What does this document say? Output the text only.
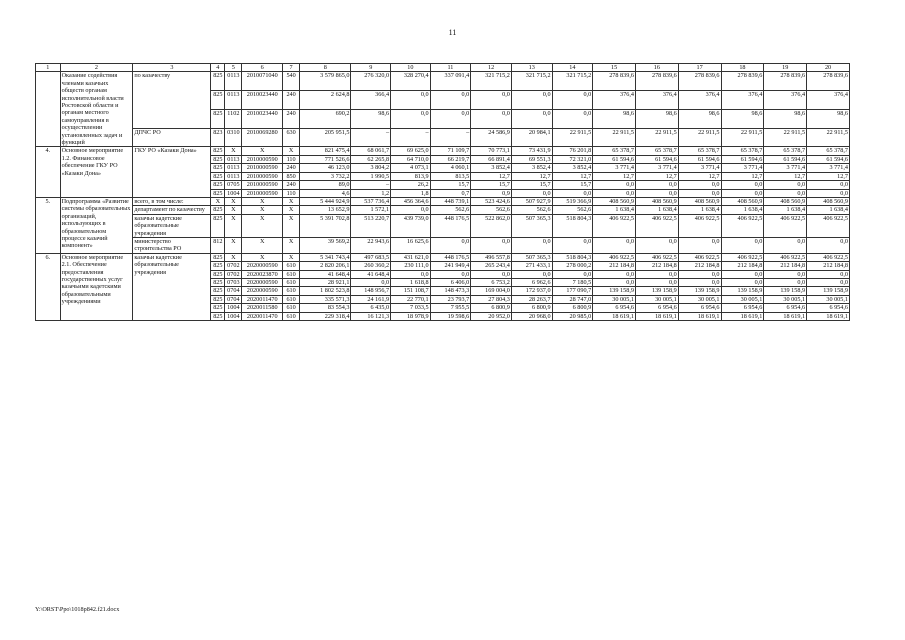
11
1	2	3	4	5	6	7	8	9	10	11	12	13	14	15	16	17	18	19	20
	Оказание содействия членами казачьих обществ органам исполнительной власти Ростовской области и органам местного самоуправления в осуществлении установленных задач и функций	по казачеству	825	0113	2010071040	540	3 579 865,0	276 320,0	328 270,4	337 091,4	321 715,2	321 715,2	321 715,2	278 839,6	278 839,6	278 839,6	278 839,6	278 839,6	278 839,6
			825	0113	2010023440	240	2 624,8	366,4	0,0	0,0	0,0	0,0	0,0	376,4	376,4	376,4	376,4	376,4	376,4
			825	1102	2010023440	240	690,2	98,6	0,0	0,0	0,0	0,0	0,0	98,6	98,6	98,6	98,6	98,6	98,6
		ДПЧС РО	823	0310	2010069280	630	205 951,5	–	–	–	24 586,9	20 984,1	22 911,5	22 911,5	22 911,5	22 911,5	22 911,5	22 911,5	22 911,5
4.	Основное мероприятие 1.2. Финансовое обеспечение ГКУ РО «Казаки Дона»	ГКУ РО «Казаки Дона»	825	X	X	X	821 475,4	68 061,7	69 625,0	71 109,7	70 773,1	73 431,9	76 201,8	65 378,7	65 378,7	65 378,7	65 378,7	65 378,7	65 378,7
			825	0113	2010000590	110	771 526,6	62 265,8	64 710,0	66 219,7	66 891,4	69 551,3	72 321,0	61 594,6	61 594,6	61 594,6	61 594,6	61 594,6	61 594,6
			825	0113	2010000590	240	46 123,0	3 804,2	4 073,1	4 060,1	3 852,4	3 852,4	3 852,4	3 771,4	3 771,4	3 771,4	3 771,4	3 771,4	3 771,4
			825	0113	2010000590	850	3 732,2	1 990,5	813,9	813,5	12,7	12,7	12,7	12,7	12,7	12,7	12,7	12,7	12,7
			825	0705	2010000590	240	89,0	–	26,2	15,7	15,7	15,7	15,7	0,0	0,0	0,0	0,0	0,0	0,0
			825	1004	2010000590	110	4,6	1,2	1,8	0,7	0,9	0,0	0,0	0,0	0,0	0,0	0,0	0,0	0,0
5.	Подпрограмма «Развитие системы образовательных организаций, использующих в образовательном процессе казачий компонент»	всего, в том числе:	X	X	X	X	5 444 924,9	537 736,4	456 364,6	448 739,1	523 424,6	507 927,9	519 366,9	408 560,9	408 560,9	408 560,9	408 560,9	408 560,9	408 560,9
		департамент по казачеству	825	X	X	X	13 652,9	1 572,1	0,0	562,6	562,6	562,6	562,6	1 638,4	1 638,4	1 638,4	1 638,4	1 638,4	1 638,4
		казачьи кадетские образовательные учреждения	825	X	X	X	5 391 702,8	513 220,7	439 739,0	448 176,5	522 862,0	507 365,3	518 804,3	406 922,5	406 922,5	406 922,5	406 922,5	406 922,5	406 922,5
		министерство строительства РО	812	X	X	X	39 569,2	22 943,6	16 625,6	0,0	0,0	0,0	0,0	0,0	0,0	0,0	0,0	0,0	0,0
6.	Основное мероприятие 2.1. Обеспечение предоставления государственных услуг казачьими кадетскими образовательными учреждениями	казачьи кадетские образовательные учреждения	825	X	X	X	5 341 743,4	497 683,5	431 621,0	448 176,5	496 557,8	507 365,3	518 804,3	406 922,5	406 922,5	406 922,5	406 922,5	406 922,5	406 922,5
			825	0702	2020000590	610	2 820 206,1	260 360,2	230 111,0	241 949,4	265 243,4	271 433,1	278 000,2	212 184,8	212 184,8	212 184,8	212 184,8	212 184,8	212 184,8
			825	0702	2020023870	610	41 648,4	41 648,4	0,0	0,0	0,0	0,0	0,0	0,0	0,0	0,0	0,0	0,0	0,0
			825	0703	2020000590	610	28 921,1	0,0	1 618,8	6 406,0	6 753,2	6 962,6	7 180,5	0,0	0,0	0,0	0,0	0,0	0,0
			825	0704	2020000590	610	1 802 523,8	148 956,7	151 108,7	148 473,3	169 004,0	172 937,0	177 090,7	139 158,9	139 158,9	139 158,9	139 158,9	139 158,9	139 158,9
			825	0704	2020011470	610	335 571,3	24 161,9	22 770,1	23 793,7	27 804,3	28 263,7	28 747,0	30 005,1	30 005,1	30 005,1	30 005,1	30 005,1	30 005,1
			825	1004	2020011580	610	83 554,3	6 435,0	7 033,5	7 955,5	6 800,9	6 800,9	6 800,9	6 954,6	6 954,6	6 954,6	6 954,6	6 954,6	6 954,6
			825	1004	2020011470	610	229 318,4	16 121,3	18 978,9	19 598,6	20 952,0	20 968,0	20 985,0	18 619,1	18 619,1	18 619,1	18 619,1	18 619,1	18 619,1
Y:\ORST\Ppo\1018p842.f21.docx
